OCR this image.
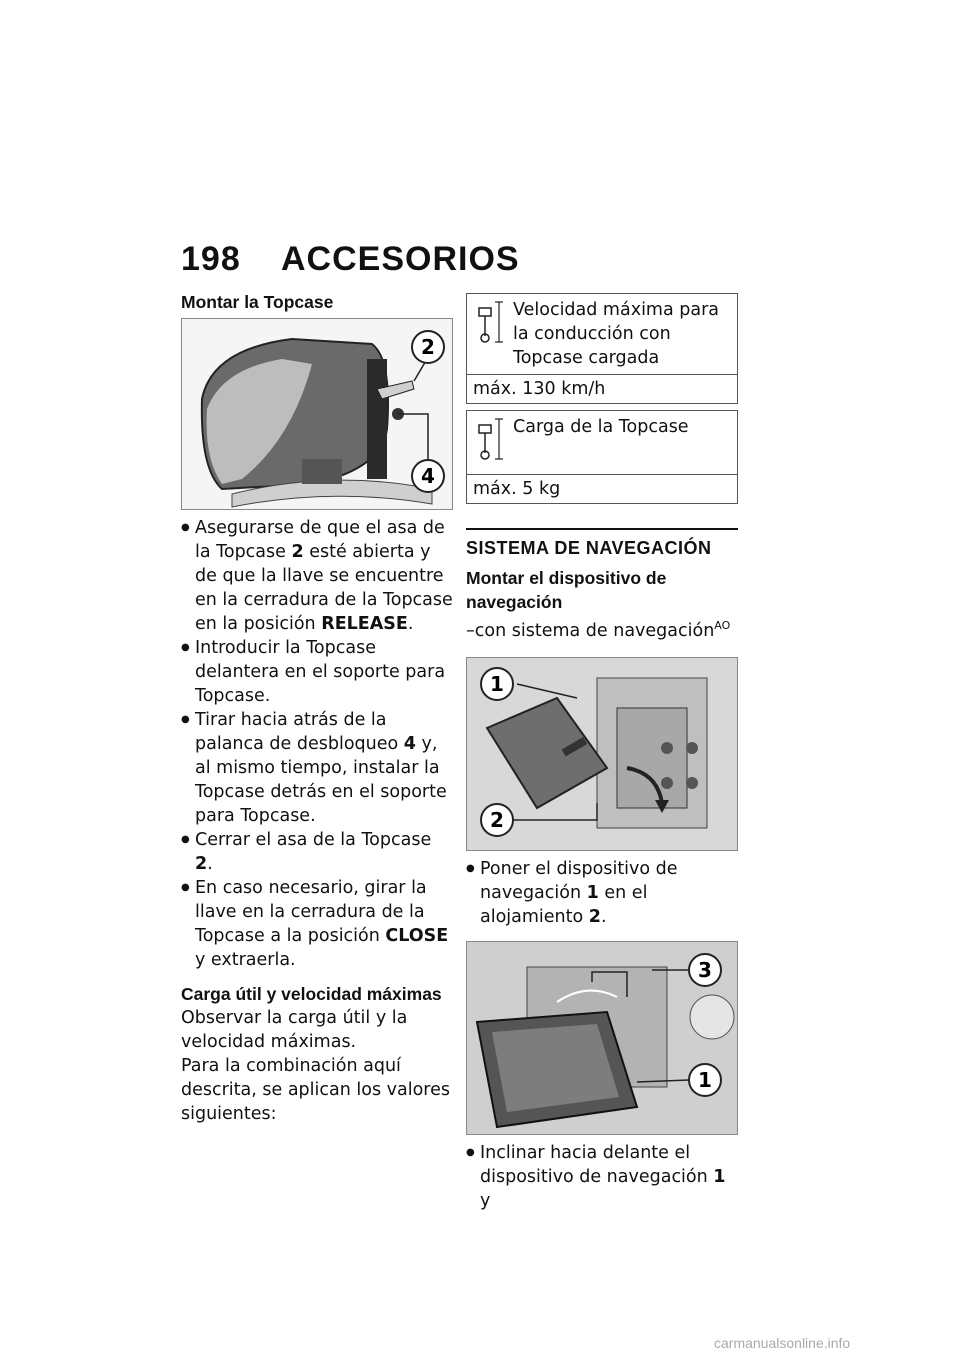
198 ACCESORIOS
Montar la Topcase
2
4
● Asegurarse de que el asa de la Topcase 2 esté abierta y de que la llave se encuentre en la cerradura de la Topcase en la posición RELEASE.
● Introducir la Topcase delantera en el soporte para Topcase.
● Tirar hacia atrás de la palanca de desbloqueo 4 y, al mismo tiempo, instalar la Topcase detrás en el soporte para Topcase.
● Cerrar el asa de la Topcase 2.
● En caso necesario, girar la llave en la cerradura de la Topcase a la posición CLOSE y extraerla.
Carga útil y velocidad máximas

Observar la carga útil y la velocidad máximas.

Para la combinación aquí descrita, se aplican los valores siguientes:

Velocidad máxima para la conducción con Topcase cargada
máx. 130 km/h
Carga de la Topcase
máx. 5 kg
SISTEMA DE NAVEGACIÓN
Montar el dispositivo de navegación

–con sistema de navegación$^{AO}$

1
2
● Poner el dispositivo de navegación 1 en el alojamiento 2.
3
1
● Inclinar hacia delante el dispositivo de navegación 1 y
carmanualsonline.info
